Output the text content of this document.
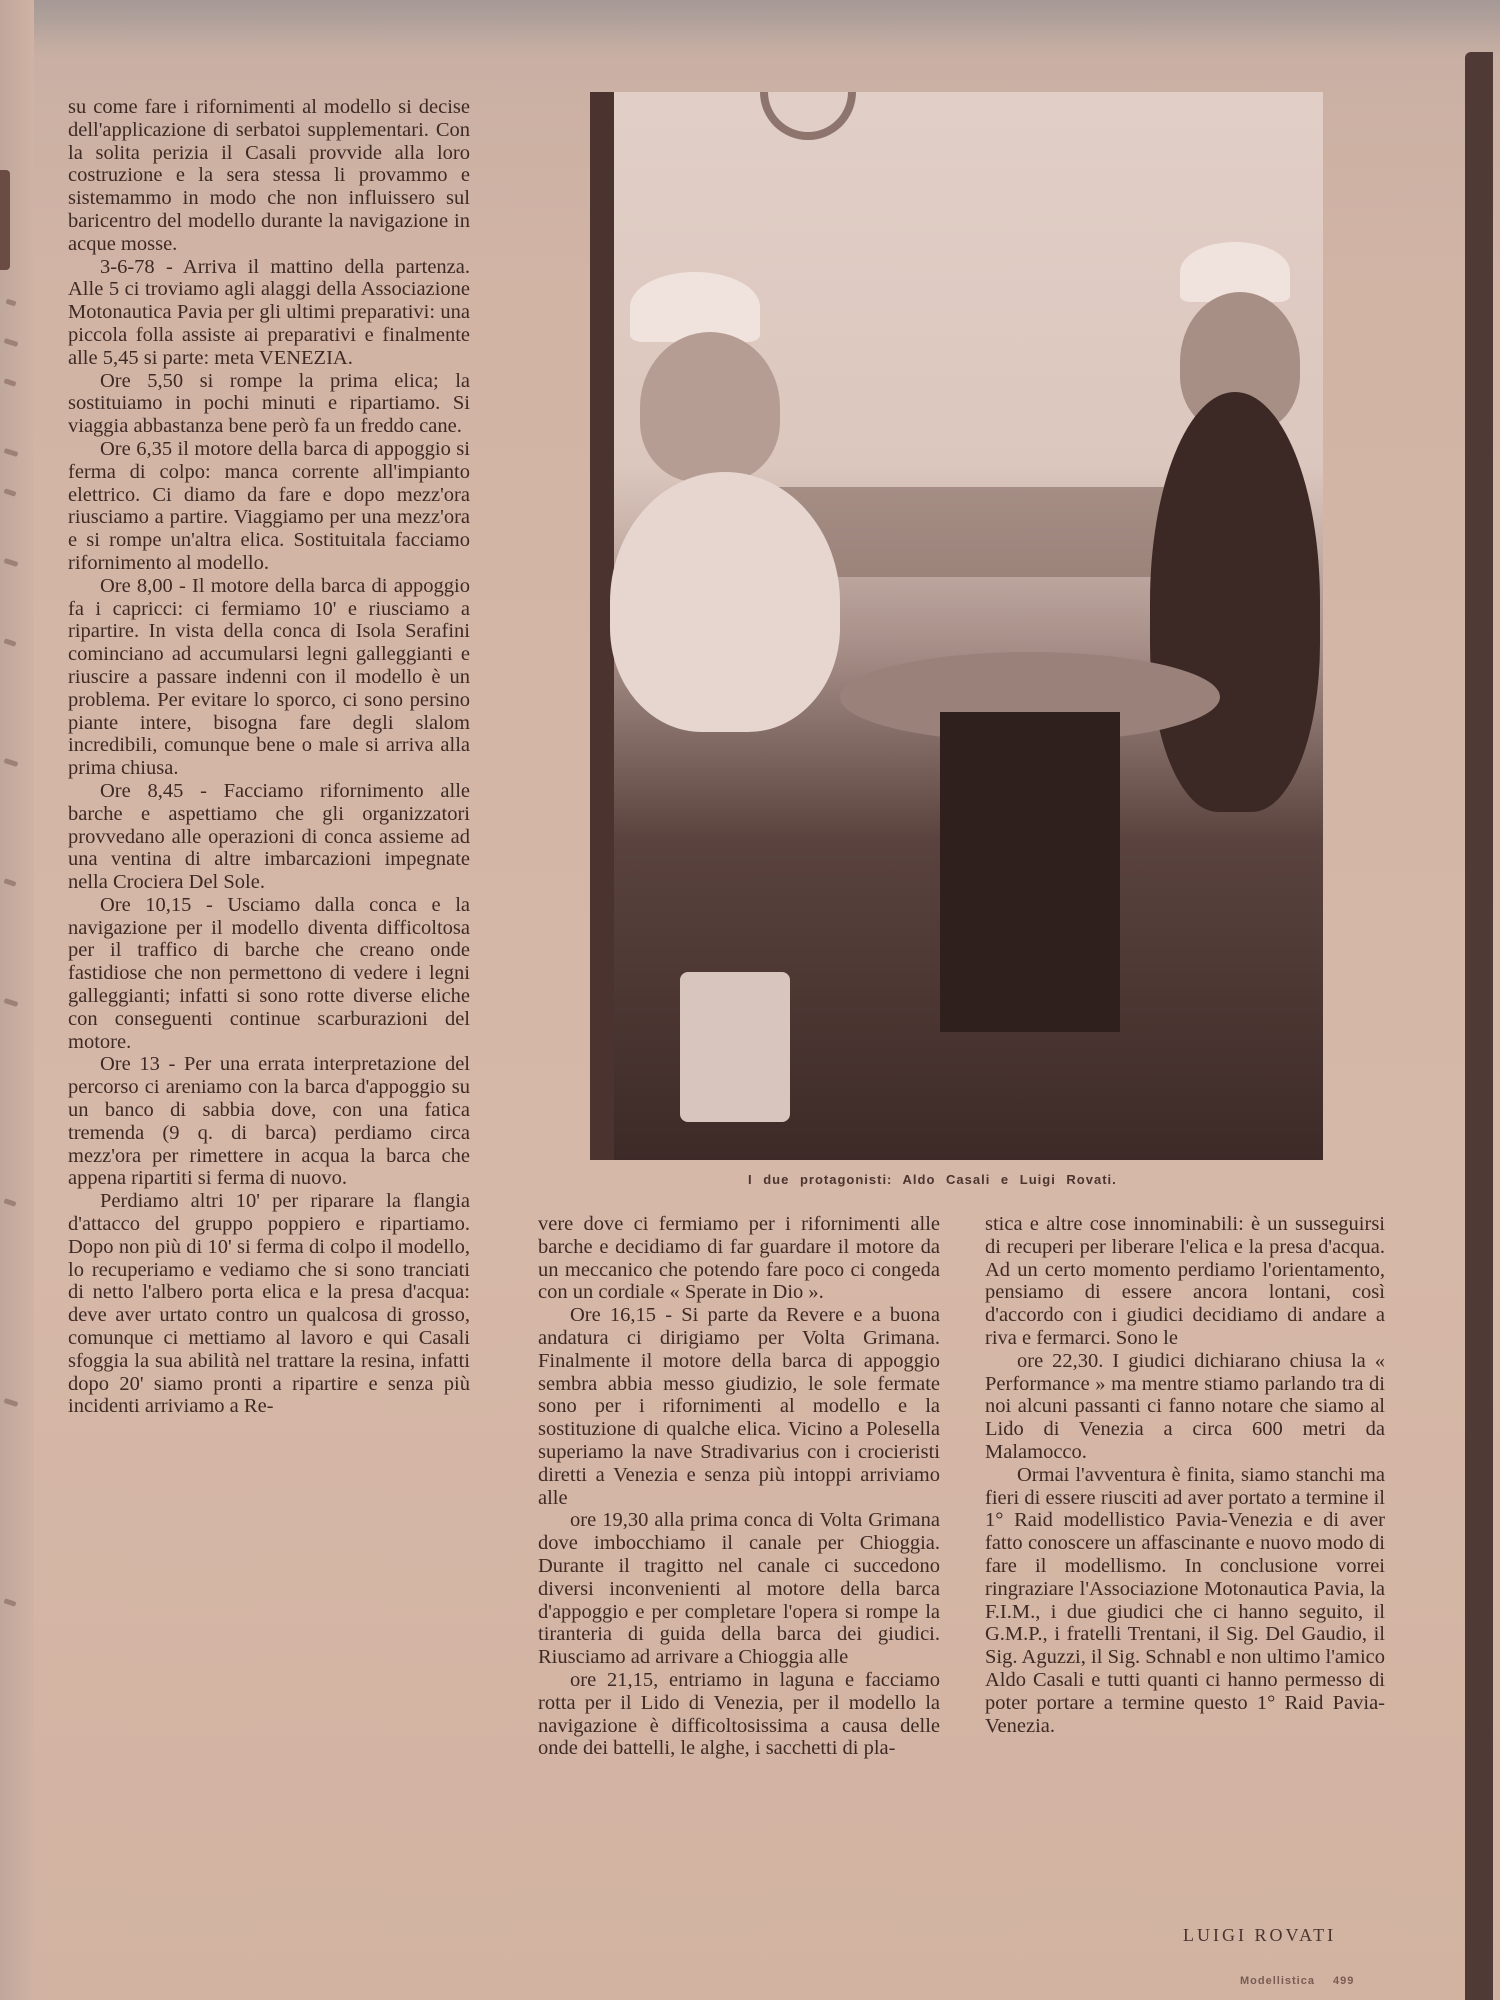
su come fare i rifornimenti al modello si decise dell'applicazione di serbatoi supplementari. Con la solita perizia il Casali provvide alla loro costruzione e la sera stessa li provammo e sistemammo in modo che non influissero sul baricentro del modello durante la navigazione in acque mosse.

3-6-78 - Arriva il mattino della partenza. Alle 5 ci troviamo agli alaggi della Associazione Motonautica Pavia per gli ultimi preparativi: una piccola folla assiste ai preparativi e finalmente alle 5,45 si parte: meta VENEZIA.

Ore 5,50 si rompe la prima elica; la sostituiamo in pochi minuti e ripartiamo. Si viaggia abbastanza bene però fa un freddo cane.

Ore 6,35 il motore della barca di appoggio si ferma di colpo: manca corrente all'impianto elettrico. Ci diamo da fare e dopo mezz'ora riusciamo a partire. Viaggiamo per una mezz'ora e si rompe un'altra elica. Sostituitala facciamo rifornimento al modello.

Ore 8,00 - Il motore della barca di appoggio fa i capricci: ci fermiamo 10' e riusciamo a ripartire. In vista della conca di Isola Serafini cominciano ad accumularsi legni galleggianti e riuscire a passare indenni con il modello è un problema. Per evitare lo sporco, ci sono persino piante intere, bisogna fare degli slalom incredibili, comunque bene o male si arriva alla prima chiusa.

Ore 8,45 - Facciamo rifornimento alle barche e aspettiamo che gli organizzatori provvedano alle operazioni di conca assieme ad una ventina di altre imbarcazioni impegnate nella Crociera Del Sole.

Ore 10,15 - Usciamo dalla conca e la navigazione per il modello diventa difficoltosa per il traffico di barche che creano onde fastidiose che non permettono di vedere i legni galleggianti; infatti si sono rotte diverse eliche con conseguenti continue scarburazioni del motore.

Ore 13 - Per una errata interpretazione del percorso ci areniamo con la barca d'appoggio su un banco di sabbia dove, con una fatica tremenda (9 q. di barca) perdiamo circa mezz'ora per rimettere in acqua la barca che appena ripartiti si ferma di nuovo.

Perdiamo altri 10' per riparare la flangia d'attacco del gruppo poppiero e ripartiamo. Dopo non più di 10' si ferma di colpo il modello, lo recuperiamo e vediamo che si sono tranciati di netto l'albero porta elica e la presa d'acqua: deve aver urtato contro un qualcosa di grosso, comunque ci mettiamo al lavoro e qui Casali sfoggia la sua abilità nel trattare la resina, infatti dopo 20' siamo pronti a ripartire e senza più incidenti arriviamo a Re-

I due protagonisti: Aldo Casali e Luigi Rovati.

vere dove ci fermiamo per i rifornimenti alle barche e decidiamo di far guardare il motore da un meccanico che potendo fare poco ci congeda con un cordiale « Sperate in Dio ».

Ore 16,15 - Si parte da Revere e a buona andatura ci dirigiamo per Volta Grimana. Finalmente il motore della barca di appoggio sembra abbia messo giudizio, le sole fermate sono per i rifornimenti al modello e la sostituzione di qualche elica. Vicino a Polesella superiamo la nave Stradivarius con i crocieristi diretti a Venezia e senza più intoppi arriviamo alle

ore 19,30 alla prima conca di Volta Grimana dove imbocchiamo il canale per Chioggia. Durante il tragitto nel canale ci succedono diversi inconvenienti al motore della barca d'appoggio e per completare l'opera si rompe la tiranteria di guida della barca dei giudici. Riusciamo ad arrivare a Chioggia alle

ore 21,15, entriamo in laguna e facciamo rotta per il Lido di Venezia, per il modello la navigazione è difficoltosissima a causa delle onde dei battelli, le alghe, i sacchetti di pla-

stica e altre cose innominabili: è un susseguirsi di recuperi per liberare l'elica e la presa d'acqua. Ad un certo momento perdiamo l'orientamento, pensiamo di essere ancora lontani, così d'accordo con i giudici decidiamo di andare a riva e fermarci. Sono le

ore 22,30. I giudici dichiarano chiusa la « Performance » ma mentre stiamo parlando tra di noi alcuni passanti ci fanno notare che siamo al Lido di Venezia a circa 600 metri da Malamocco.

Ormai l'avventura è finita, siamo stanchi ma fieri di essere riusciti ad aver portato a termine il 1° Raid modellistico Pavia-Venezia e di aver fatto conoscere un affascinante e nuovo modo di fare il modellismo. In conclusione vorrei ringraziare l'Associazione Motonautica Pavia, la F.I.M., i due giudici che ci hanno seguito, il G.M.P., i fratelli Trentani, il Sig. Del Gaudio, il Sig. Aguzzi, il Sig. Schnabl e non ultimo l'amico Aldo Casali e tutti quanti ci hanno permesso di poter portare a termine questo 1° Raid Pavia-Venezia.

LUIGI ROVATI
Modellistica 499
